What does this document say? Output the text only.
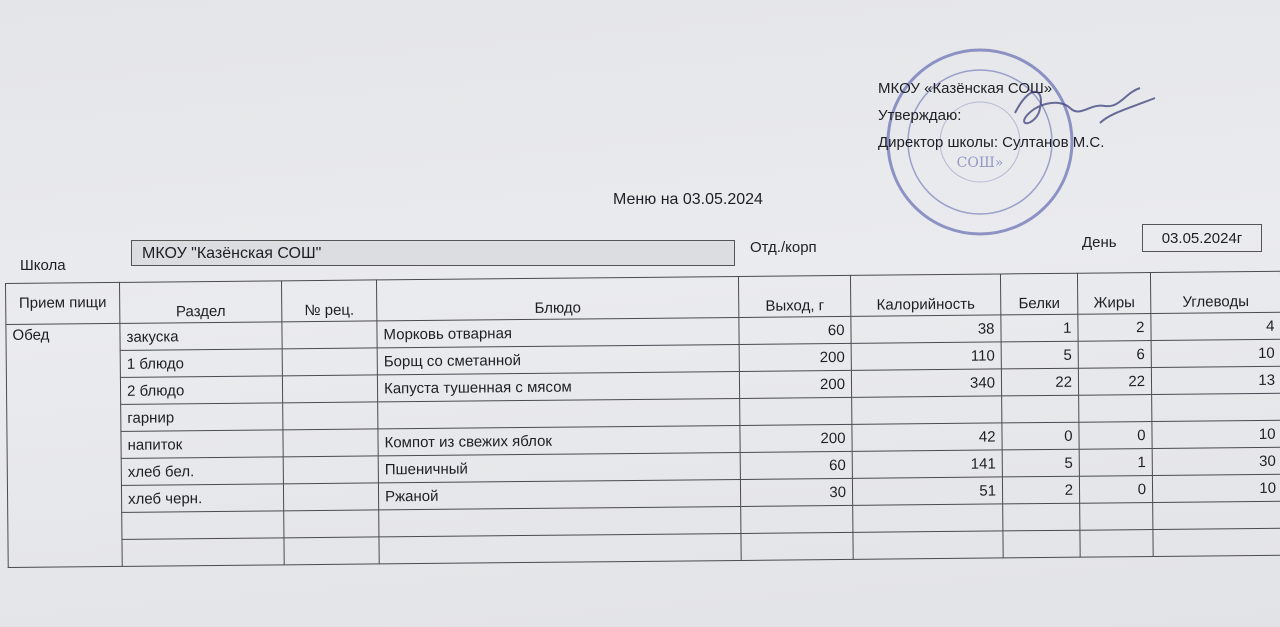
СОШ»
МКОУ «Казёнская СОШ»
Утверждаю:
Директор школы: Султанов М.С.
Меню на 03.05.2024
Школа
МКОУ "Казёнская СОШ"	Отд./корп	День	03.05.2024г
Прием пищи	Раздел	№ рец.	Блюдо	Выход, г	Калорийность	Белки	Жиры	Углеводы
Обед	закуска		Морковь отварная	60	38	1	2	4
	1 блюдо		Борщ со сметанной	200	110	5	6	10
	2 блюдо		Капуста тушенная с мясом	200	340	22	22	13
	гарнир							
	напиток		Компот из свежих яблок	200	42	0	0	10
	хлеб бел.		Пшеничный	60	141	5	1	30
	хлеб черн.		Ржаной	30	51	2	0	10
